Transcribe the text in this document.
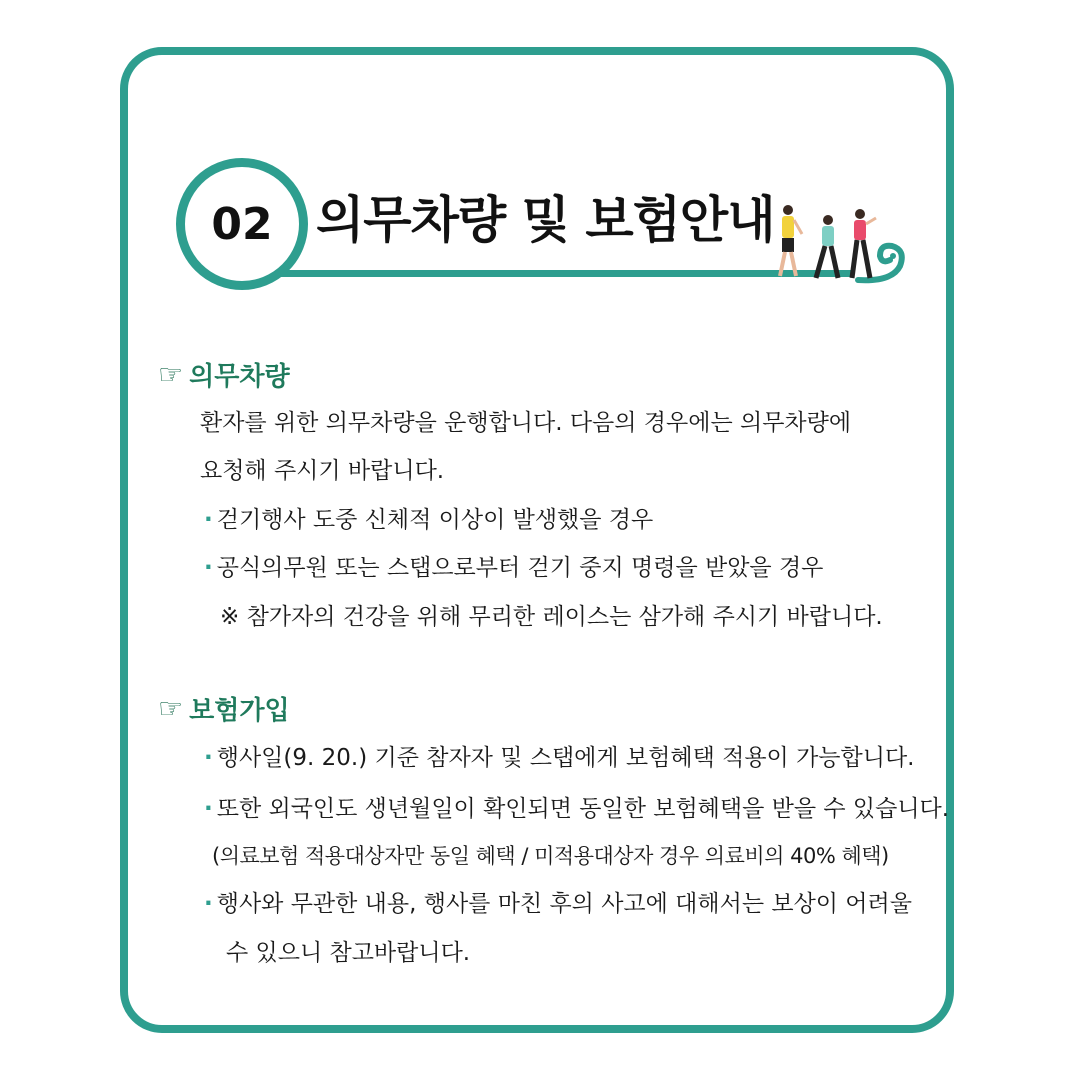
02 의무차량 및 보험안내
☞ 의무차량
환자를 위한 의무차량을 운행합니다. 다음의 경우에는 의무차량에
요청해 주시기 바랍니다.
· 걷기행사 도중 신체적 이상이 발생했을 경우
· 공식의무원 또는 스탭으로부터 걷기 중지 명령을 받았을 경우
※ 참가자의 건강을 위해 무리한 레이스는 삼가해 주시기 바랍니다.
☞ 보험가입
· 행사일(9. 20.) 기준 참자자 및 스탭에게 보험혜택 적용이 가능합니다.
· 또한 외국인도 생년월일이 확인되면 동일한 보험혜택을 받을 수 있습니다.
(의료보험 적용대상자만 동일 혜택 / 미적용대상자 경우 의료비의 40% 혜택)
· 행사와 무관한 내용, 행사를 마친 후의 사고에 대해서는 보상이 어려울
수 있으니 참고바랍니다.
